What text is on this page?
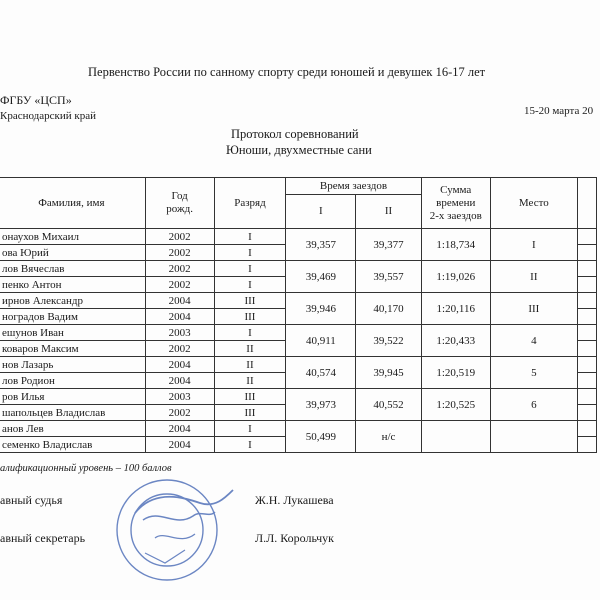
Первенство России по санному спорту среди юношей и девушек 16-17 лет
ФГБУ «ЦСП»
Краснодарский край	15-20 марта 20
Протокол соревнований
Юноши, двухместные сани
Фамилия, имя	Год
рожд.	Разряд	Время заездов		Сумма
времени
2-х заездов	Место	
			I	II			
онаухов Михаил	2002	I	39,357	39,377	1:18,734	I	
ова Юрий	2002	I					
лов Вячеслав	2002	I	39,469	39,557	1:19,026	II	
пенко Антон	2002	I					
ирнов Александр	2004	III	39,946	40,170	1:20,116	III	
ноградов Вадим	2004	III					
ешунов Иван	2003	I	40,911	39,522	1:20,433	4	
коваров Максим	2002	II					
нов Лазарь	2004	II	40,574	39,945	1:20,519	5	
лов Родион	2004	II					
ров Илья	2003	III	39,973	40,552	1:20,525	6	
шапольцев Владислав	2002	III					
анов Лев	2004	I	50,499	н/с			
семенко Владислав	2004	I					
алификационный уровень – 100 баллов
авный судья	Ж.Н. Лукашева
авный секретарь	Л.Л. Корольчук
